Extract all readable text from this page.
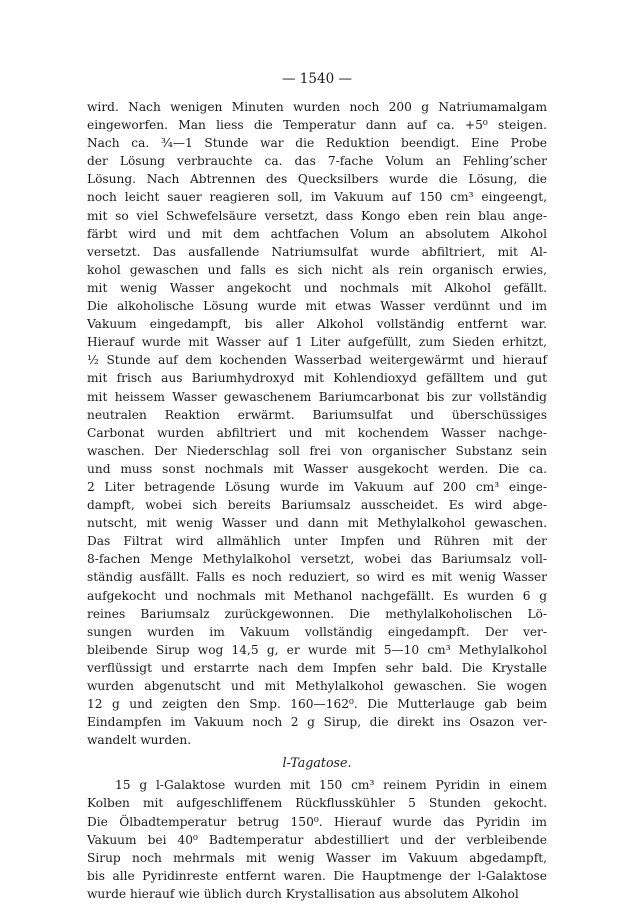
— 1540 —
wird. Nach wenigen Minuten wurden noch 200 g Natriumamalgam
eingeworfen. Man liess die Temperatur dann auf ca. +5⁰ steigen.
Nach ca. ³⁄₄—1 Stunde war die Reduktion beendigt. Eine Probe
der Lösung verbrauchte ca. das 7-fache Volum an Fehling’scher
Lösung. Nach Abtrennen des Quecksilbers wurde die Lösung, die
noch leicht sauer reagieren soll, im Vakuum auf 150 cm³ eingeengt,
mit so viel Schwefelsäure versetzt, dass Kongo eben rein blau ange-
färbt wird und mit dem achtfachen Volum an absolutem Alkohol
versetzt. Das ausfallende Natriumsulfat wurde abfiltriert, mit Al-
kohol gewaschen und falls es sich nicht als rein organisch erwies,
mit wenig Wasser angekocht und nochmals mit Alkohol gefällt.
Die alkoholische Lösung wurde mit etwas Wasser verdünnt und im
Vakuum eingedampft, bis aller Alkohol vollständig entfernt war.
Hierauf wurde mit Wasser auf 1 Liter aufgefüllt, zum Sieden erhitzt,
½ Stunde auf dem kochenden Wasserbad weitergewärmt und hierauf
mit frisch aus Bariumhydroxyd mit Kohlendioxyd gefälltem und gut
mit heissem Wasser gewaschenem Bariumcarbonat bis zur vollständig
neutralen Reaktion erwärmt. Bariumsulfat und überschüssiges
Carbonat wurden abfiltriert und mit kochendem Wasser nachge-
waschen. Der Niederschlag soll frei von organischer Substanz sein
und muss sonst nochmals mit Wasser ausgekocht werden. Die ca.
2 Liter betragende Lösung wurde im Vakuum auf 200 cm³ einge-
dampft, wobei sich bereits Bariumsalz ausscheidet. Es wird abge-
nutscht, mit wenig Wasser und dann mit Methylalkohol gewaschen.
Das Filtrat wird allmählich unter Impfen und Rühren mit der
8-fachen Menge Methylalkohol versetzt, wobei das Bariumsalz voll-
ständig ausfällt. Falls es noch reduziert, so wird es mit wenig Wasser
aufgekocht und nochmals mit Methanol nachgefällt. Es wurden 6 g
reines Bariumsalz zurückgewonnen. Die methylalkoholischen Lö-
sungen wurden im Vakuum vollständig eingedampft. Der ver-
bleibende Sirup wog 14,5 g, er wurde mit 5—10 cm³ Methylalkohol
verflüssigt und erstarrte nach dem Impfen sehr bald. Die Krystalle
wurden abgenutscht und mit Methylalkohol gewaschen. Sie wogen
12 g und zeigten den Smp. 160—162⁰. Die Mutterlauge gab beim
Eindampfen im Vakuum noch 2 g Sirup, die direkt ins Osazon ver-
wandelt wurden.
l-Tagatose.
15 g l-Galaktose wurden mit 150 cm³ reinem Pyridin in einem
Kolben mit aufgeschliffenem Rückflusskühler 5 Stunden gekocht.
Die Ölbadtemperatur betrug 150⁰. Hierauf wurde das Pyridin im
Vakuum bei 40⁰ Badtemperatur abdestilliert und der verbleibende
Sirup noch mehrmals mit wenig Wasser im Vakuum abgedampft,
bis alle Pyridinreste entfernt waren. Die Hauptmenge der l-Galaktose
wurde hierauf wie üblich durch Krystallisation aus absolutem Alkohol
